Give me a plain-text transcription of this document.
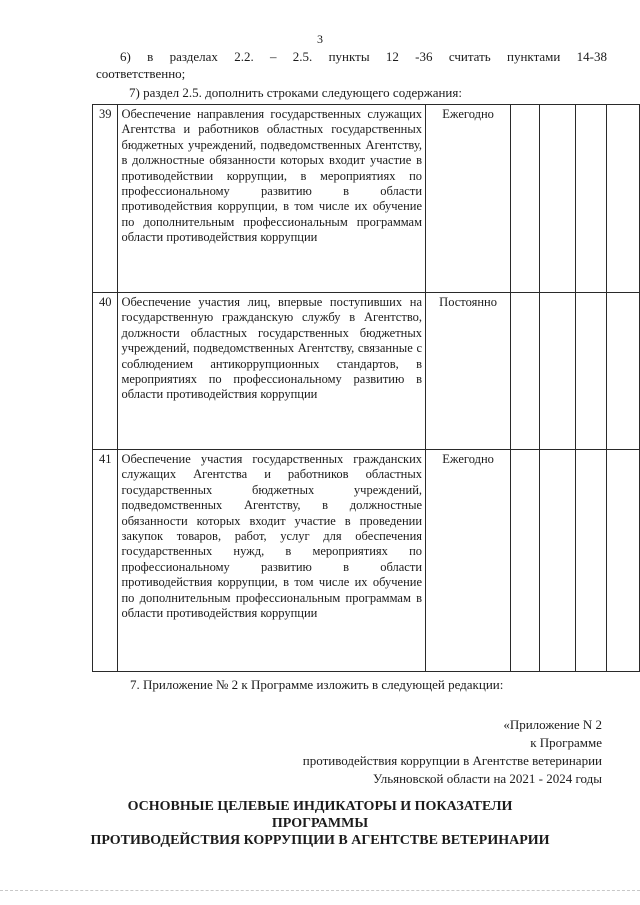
3
6) в разделах 2.2. – 2.5. пункты 12 -36 считать пунктами 14-38
соответственно;
7) раздел 2.5. дополнить строками следующего содержания:
39	Обеспечение направления государственных служащих Агентства и работников областных государственных бюджетных учреждений, подведомственных Агентству, в должностные обязанности которых входит участие в противодействии коррупции, в мероприятиях по профессиональному развитию в области противодействия коррупции, в том числе их обучение по дополнительным профессиональным программам области противодействия коррупции	Ежегодно				
40	Обеспечение участия лиц, впервые поступивших на государственную гражданскую службу в Агентство, должности областных государственных бюджетных учреждений, подведомственных Агентству, связанные с соблюдением антикоррупционных стандартов, в мероприятиях по профессиональному развитию в области противодействия коррупции	Постоянно				
41	Обеспечение участия государственных гражданских служащих Агентства и работников областных государственных бюджетных учреждений, подведомственных Агентству, в должностные обязанности которых входит участие в проведении закупок товаров, работ, услуг для обеспечения государственных нужд, в мероприятиях по профессиональному развитию в области противодействия коррупции, в том числе их обучение по дополнительным профессиональным программам в области противодействия коррупции	Ежегодно				
7. Приложение № 2 к Программе изложить в следующей редакции:
«Приложение N 2
к Программе
противодействия коррупции в Агентстве ветеринарии
Ульяновской области на 2021 - 2024 годы
ОСНОВНЫЕ ЦЕЛЕВЫЕ ИНДИКАТОРЫ И ПОКАЗАТЕЛИ
ПРОГРАММЫ
ПРОТИВОДЕЙСТВИЯ КОРРУПЦИИ В АГЕНТСТВЕ ВЕТЕРИНАРИИ
